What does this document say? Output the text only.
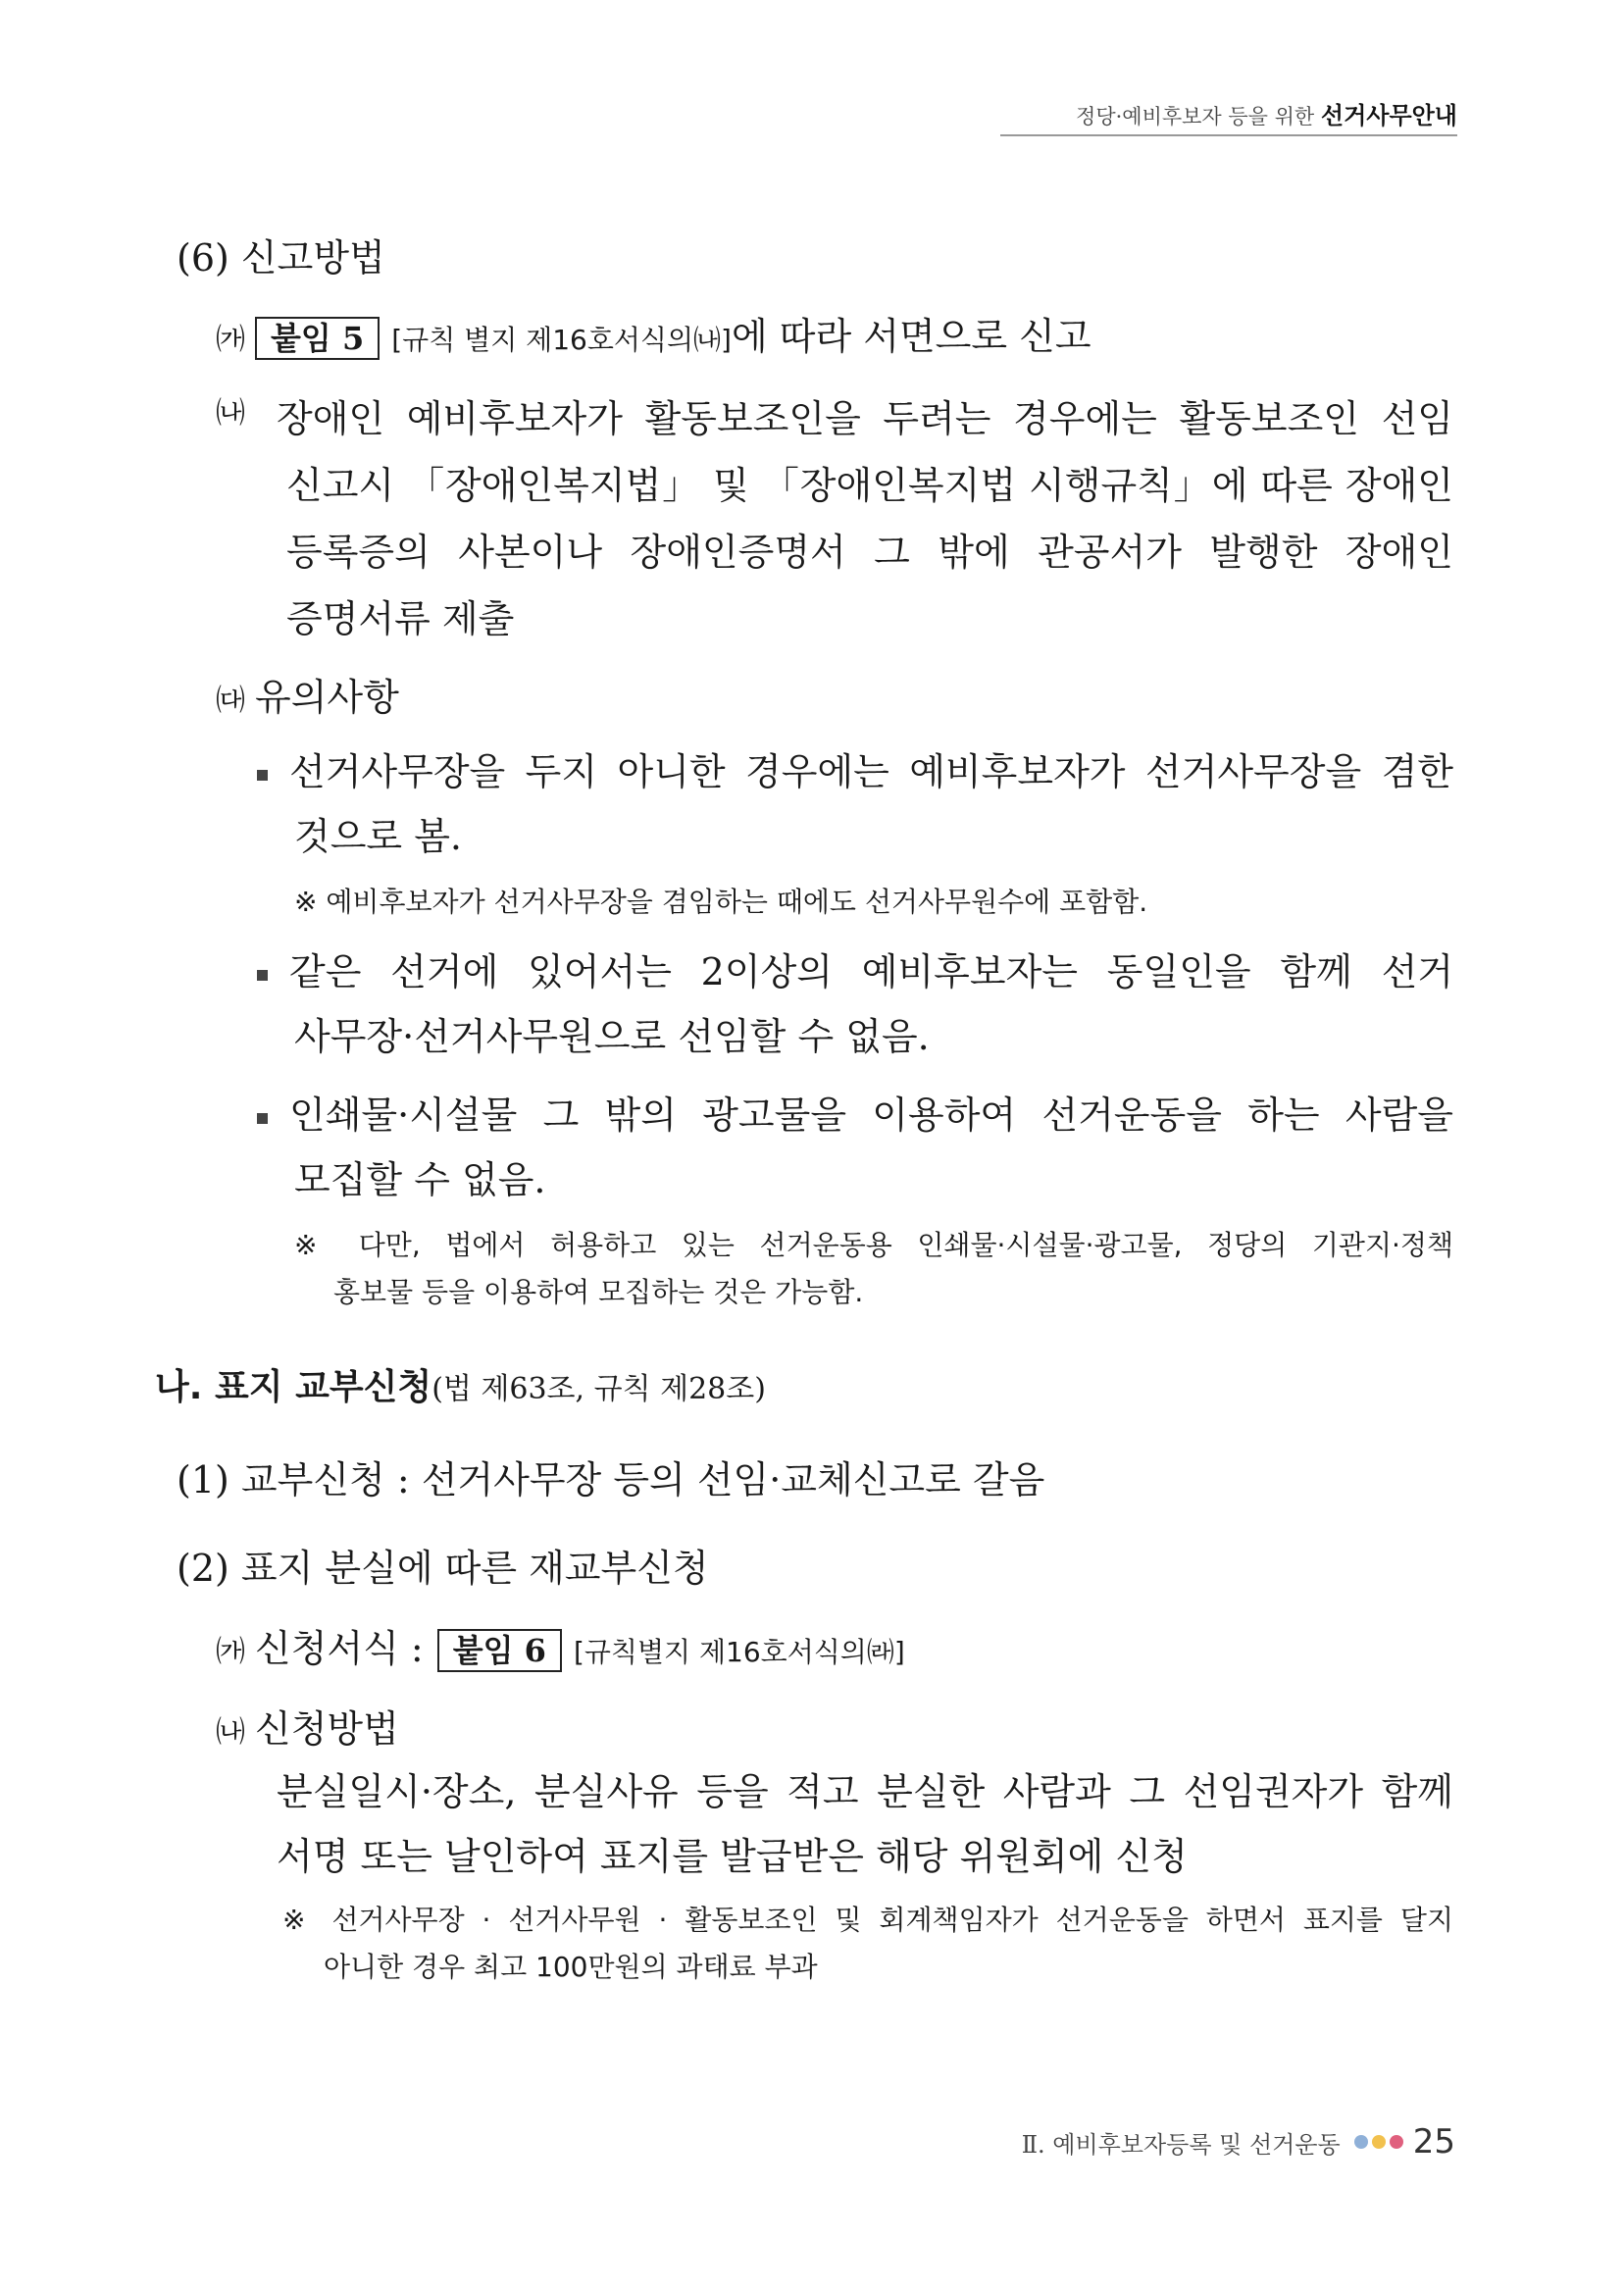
정당·예비후보자 등을 위한 선거사무안내
(6) 신고방법
㈎ 붙임 5 [규칙 별지 제16호서식의㈏]에 따라 서면으로 신고
㈏ 장애인 예비후보자가 활동보조인을 두려는 경우에는 활동보조인 선임
신고시 「장애인복지법」 및 「장애인복지법 시행규칙」에 따른 장애인
등록증의 사본이나 장애인증명서 그 밖에 관공서가 발행한 장애인
증명서류 제출
㈐ 유의사항
선거사무장을 두지 아니한 경우에는 예비후보자가 선거사무장을 겸한
것으로 봄.
※ 예비후보자가 선거사무장을 겸임하는 때에도 선거사무원수에 포함함.
같은 선거에 있어서는 2이상의 예비후보자는 동일인을 함께 선거
사무장·선거사무원으로 선임할 수 없음.
인쇄물·시설물 그 밖의 광고물을 이용하여 선거운동을 하는 사람을
모집할 수 없음.
※ 다만, 법에서 허용하고 있는 선거운동용 인쇄물·시설물·광고물, 정당의 기관지·정책
홍보물 등을 이용하여 모집하는 것은 가능함.
나. 표지 교부신청(법 제63조, 규칙 제28조)
(1) 교부신청 : 선거사무장 등의 선임·교체신고로 갈음
(2) 표지 분실에 따른 재교부신청
㈎ 신청서식 : 붙임 6 [규칙별지 제16호서식의㈑]
㈏ 신청방법
분실일시·장소, 분실사유 등을 적고 분실한 사람과 그 선임권자가 함께
서명 또는 날인하여 표지를 발급받은 해당 위원회에 신청
※ 선거사무장 · 선거사무원 · 활동보조인 및 회계책임자가 선거운동을 하면서 표지를 달지
아니한 경우 최고 100만원의 과태료 부과
Ⅱ. 예비후보자등록 및 선거운동 25
